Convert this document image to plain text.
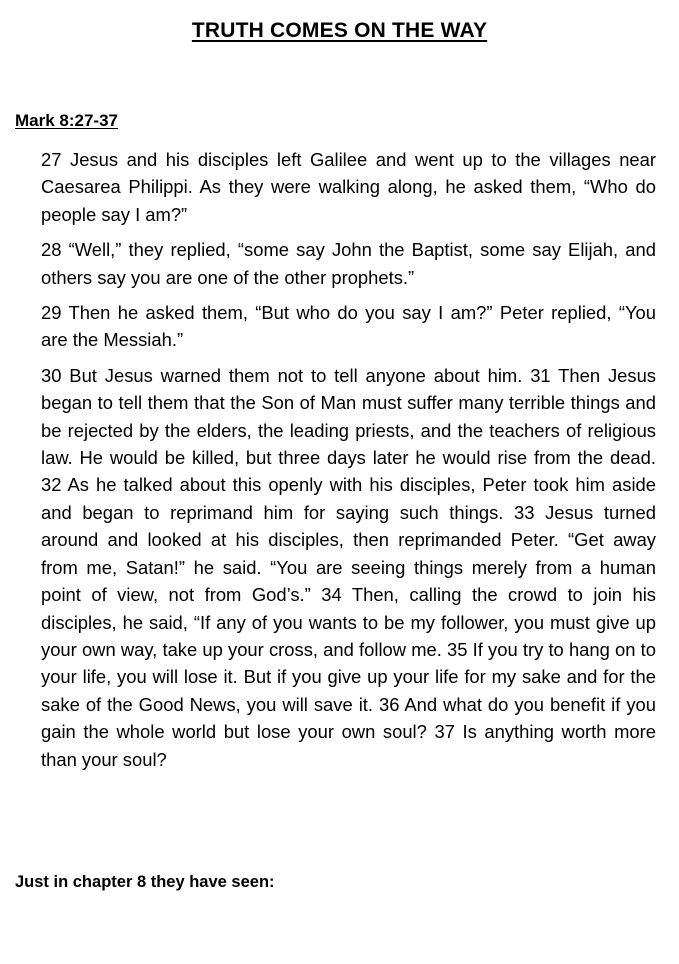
TRUTH COMES ON THE WAY

Mark 8:27-37

27 Jesus and his disciples left Galilee and went up to the villages near Caesarea Philippi. As they were walking along, he asked them, “Who do people say I am?”

28 “Well,” they replied, “some say John the Baptist, some say Elijah, and others say you are one of the other prophets.”

29 Then he asked them, “But who do you say I am?” Peter replied, “You are the Messiah.”

30 But Jesus warned them not to tell anyone about him. 31 Then Jesus began to tell them that the Son of Man must suffer many terrible things and be rejected by the elders, the leading priests, and the teachers of religious law. He would be killed, but three days later he would rise from the dead. 32 As he talked about this openly with his disciples, Peter took him aside and began to reprimand him for saying such things. 33 Jesus turned around and looked at his disciples, then reprimanded Peter. “Get away from me, Satan!” he said. “You are seeing things merely from a human point of view, not from God’s.” 34 Then, calling the crowd to join his disciples, he said, “If any of you wants to be my follower, you must give up your own way, take up your cross, and follow me. 35 If you try to hang on to your life, you will lose it. But if you give up your life for my sake and for the sake of the Good News, you will save it. 36 And what do you benefit if you gain the whole world but lose your own soul? 37 Is anything worth more than your soul?

Just in chapter 8 they have seen:
